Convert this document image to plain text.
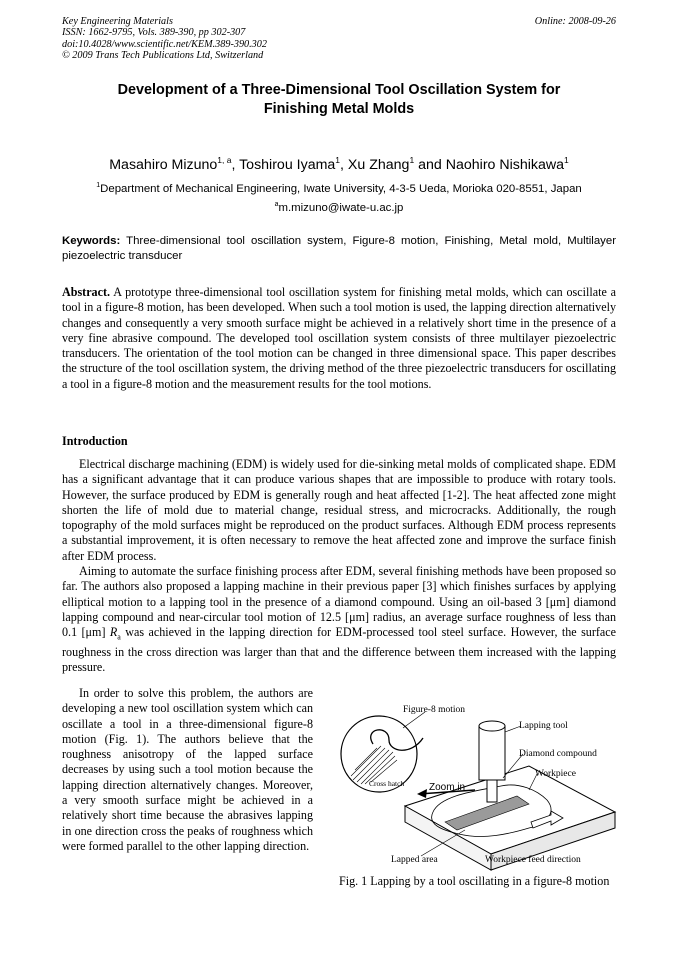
Key Engineering Materials
ISSN: 1662-9795, Vols. 389-390, pp 302-307
doi:10.4028/www.scientific.net/KEM.389-390.302
© 2009 Trans Tech Publications Ltd, Switzerland
Online: 2008-09-26
Development of a Three-Dimensional Tool Oscillation System for
Finishing Metal Molds
Masahiro Mizuno$^{1, a}$, Toshirou Iyama$^1$, Xu Zhang$^1$ and Naohiro Nishikawa$^1$
$^1$Department of Mechanical Engineering, Iwate University, 4-3-5 Ueda, Morioka 020-8551, Japan
$^a$m.mizuno@iwate-u.ac.jp
Keywords: Three-dimensional tool oscillation system, Figure-8 motion, Finishing, Metal mold, Multilayer piezoelectric transducer
Abstract. A prototype three-dimensional tool oscillation system for finishing metal molds, which can oscillate a tool in a figure-8 motion, has been developed. When such a tool motion is used, the lapping direction alternatively changes and consequently a very smooth surface might be achieved in a relatively short time in the presence of a very fine abrasive compound. The developed tool oscillation system consists of three multilayer piezoelectric transducers. The orientation of the tool motion can be changed in three dimensional space. This paper describes the structure of the tool oscillation system, the driving method of the three piezoelectric transducers for oscillating a tool in a figure-8 motion and the measurement results for the tool motions.
Introduction

Electrical discharge machining (EDM) is widely used for die-sinking metal molds of complicated shape. EDM has a significant advantage that it can produce various shapes that are impossible to produce with rotary tools. However, the surface produced by EDM is generally rough and heat affected [1-2]. The heat affected zone might shorten the life of mold due to material change, residual stress, and microcracks. Additionally, the rough topography of the mold surfaces might be reproduced on the product surfaces. Although EDM process represents a substantial improvement, it is often necessary to remove the heat affected zone and improve the surface finish after EDM process.

Aiming to automate the surface finishing process after EDM, several finishing methods have been proposed so far. The authors also proposed a lapping machine in their previous paper [3] which finishes surfaces by applying elliptical motion to a lapping tool in the presence of a diamond compound. Using an oil-based 3 [μm] diamond lapping compound and near-circular tool motion of 12.5 [μm] radius, an average surface roughness of less than 0.1 [μm] $R_a$ was achieved in the lapping direction for EDM-processed tool steel surface. However, the surface roughness in the cross direction was larger than that and the difference between them increased with the lapping pressure.

In order to solve this problem, the authors are developing a new tool oscillation system which can oscillate a tool in a three-dimensional figure-8 motion (Fig. 1). The authors believe that the roughness anisotropy of the lapped surface decreases by using such a tool motion because the lapping direction alternatively changes. Moreover, a very smooth surface might be achieved in a relatively short time because the abrasives lapping in one direction cross the peaks of roughness which were formed parallel to the other lapping direction.

Figure-8 motion
Lapping tool
Diamond compound
Workpiece
Cross hatch Zoom in
Lapped area	Workpiece feed direction
Fig. 1 Lapping by a tool oscillating in a figure-8 motion
